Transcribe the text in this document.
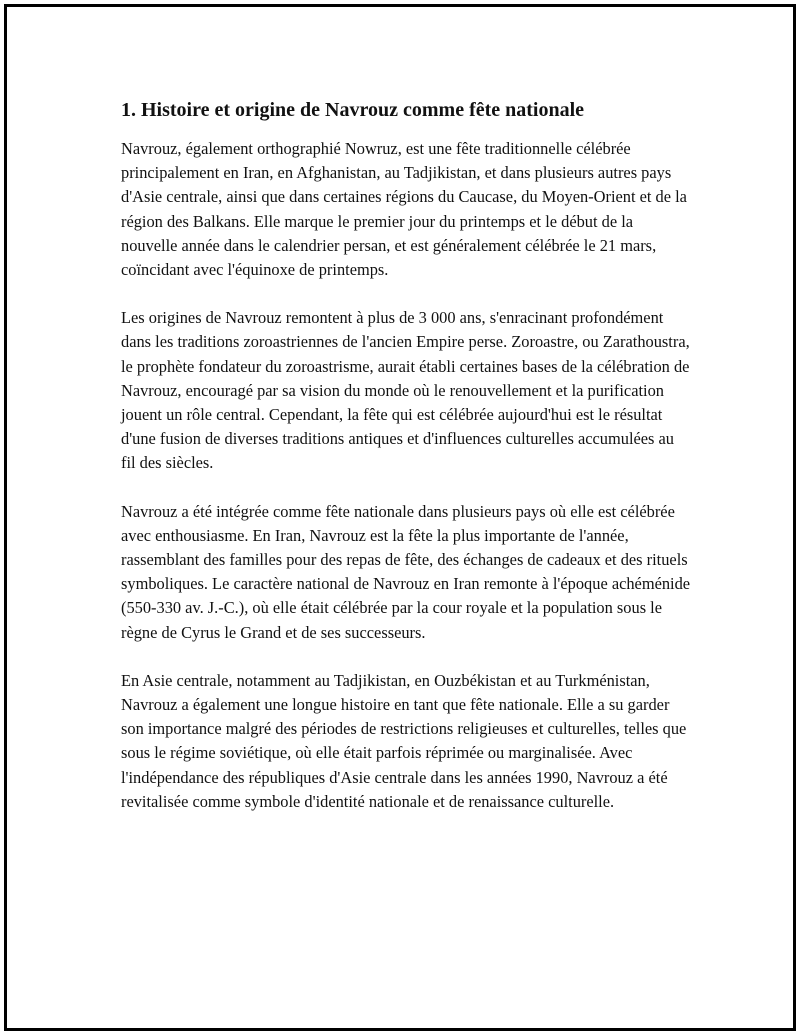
1. Histoire et origine de Navrouz comme fête nationale

Navrouz, également orthographié Nowruz, est une fête traditionnelle célébrée principalement en Iran, en Afghanistan, au Tadjikistan, et dans plusieurs autres pays d'Asie centrale, ainsi que dans certaines régions du Caucase, du Moyen-Orient et de la région des Balkans. Elle marque le premier jour du printemps et le début de la nouvelle année dans le calendrier persan, et est généralement célébrée le 21 mars, coïncidant avec l'équinoxe de printemps.

Les origines de Navrouz remontent à plus de 3 000 ans, s'enracinant profondément dans les traditions zoroastriennes de l'ancien Empire perse. Zoroastre, ou Zarathoustra, le prophète fondateur du zoroastrisme, aurait établi certaines bases de la célébration de Navrouz, encouragé par sa vision du monde où le renouvellement et la purification jouent un rôle central. Cependant, la fête qui est célébrée aujourd'hui est le résultat d'une fusion de diverses traditions antiques et d'influences culturelles accumulées au fil des siècles.

Navrouz a été intégrée comme fête nationale dans plusieurs pays où elle est célébrée avec enthousiasme. En Iran, Navrouz est la fête la plus importante de l'année, rassemblant des familles pour des repas de fête, des échanges de cadeaux et des rituels symboliques. Le caractère national de Navrouz en Iran remonte à l'époque achéménide (550-330 av. J.-C.), où elle était célébrée par la cour royale et la population sous le règne de Cyrus le Grand et de ses successeurs.

En Asie centrale, notamment au Tadjikistan, en Ouzbékistan et au Turkménistan, Navrouz a également une longue histoire en tant que fête nationale. Elle a su garder son importance malgré des périodes de restrictions religieuses et culturelles, telles que sous le régime soviétique, où elle était parfois réprimée ou marginalisée. Avec l'indépendance des républiques d'Asie centrale dans les années 1990, Navrouz a été revitalisée comme symbole d'identité nationale et de renaissance culturelle.
